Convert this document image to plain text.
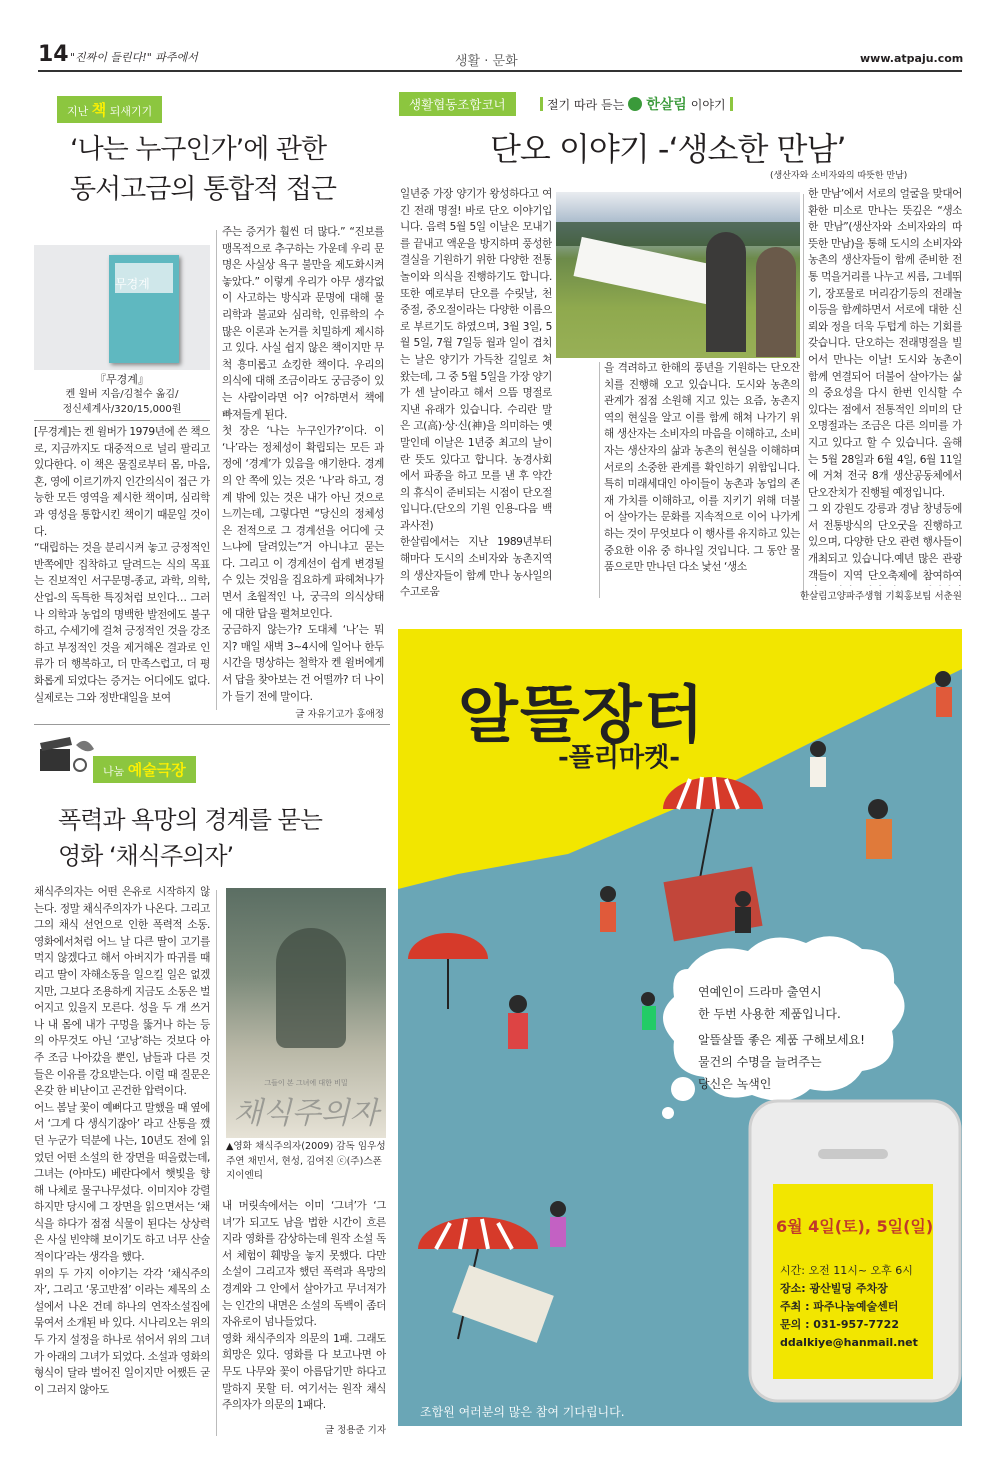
14 "진짜이 들린다!" 파주에서	생활 · 문화	www.atpaju.com
지난 책 되새기기
‘나는 누구인가’에 관한
동서고금의 통합적 접근
무경계
『무경계』
켄 윌버 지음/김철수 옮김/
정신세계사/320/15,000원
[무경계]는 켄 윌버가 1979년에 쓴 책으로, 지금까지도 대중적으로 널리 팔리고 있다한다. 이 책은 물질로부터 몸, 마음, 혼, 영에 이르기까지 인간의식이 접근 가능한 모든 영역을 제시한 책이며, 심리학과 영성을 통합시킨 책이기 때문일 것이다.
“대립하는 것을 분리시켜 놓고 긍정적인 반쪽에만 집착하고 달려드는 식의 목표는 진보적인 서구문명-종교, 과학, 의학, 산업-의 독특한 특징처럼 보인다… 그러나 의학과 농업의 명백한 발전에도 불구하고, 수세기에 걸쳐 긍정적인 것을 강조하고 부정적인 것을 제거해온 결과로 인류가 더 행복하고, 더 만족스럽고, 더 평화롭게 되었다는 증거는 어디에도 없다. 실제로는 그와 정반대일을 보여
주는 증거가 훨씬 더 많다.” “진보를 맹목적으로 추구하는 가운데 우리 문명은 사실상 욕구 불만을 제도화시켜놓았다.” 이렇게 우리가 아무 생각없이 사고하는 방식과 문명에 대해 물리학과 불교와 심리학, 인류학의 수많은 이론과 논거를 치밀하게 제시하고 있다. 사실 쉽지 않은 책이지만 무척 흥미롭고 쇼킹한 책이다. 우리의 의식에 대해 조금이라도 궁금증이 있는 사람이라면 어? 어?하면서 책에 빠져들게 된다.
첫 장은 ‘나는 누구인가?’이다. 이 ‘나’라는 정체성이 확립되는 모든 과정에 ‘경계’가 있음을 얘기한다. 경계의 안 쪽에 있는 것은 ‘나’라 하고, 경계 밖에 있는 것은 내가 아닌 것으로 느끼는데, 그렇다면 “당신의 정체성은 전적으로 그 경계선을 어디에 긋느냐에 달려있는”거 아니냐고 묻는다. 그리고 이 경계선이 쉽게 변경될 수 있는 것임을 집요하게 파헤쳐나가면서 초월적인 나, 궁극의 의식상태에 대한 답을 펼쳐보인다.
궁금하지 않는가? 도대체 ‘나’는 뭐지? 매일 새벽 3~4시에 일어나 한두 시간을 명상하는 철학자 켄 윌버에게서 답을 찾아보는 건 어떨까? 더 나이가 들기 전에 말이다.
글 자유기고가 홍애정
나눔 예술극장
폭력과 욕망의 경계를 묻는
영화 ‘채식주의자’
채식주의자는 어떤 은유로 시작하지 않는다. 정말 채식주의자가 나온다. 그리고 그의 채식 선언으로 인한 폭력적 소동. 영화에서처럼 어느 날 다큰 딸이 고기를 먹지 않겠다고 해서 아버지가 따귀를 때리고 딸이 자해소동을 일으킬 일은 없겠지만, 그보다 조용하게 지금도 소동은 벌어지고 있을지 모른다. 성을 두 개 쓰거나 내 몸에 내가 구멍을 뚫거나 하는 등의 아무것도 아닌 ‘고낭’하는 것보다 아주 조금 나아갔을 뿐인, 남들과 다른 것들은 이유를 강요받는다. 이럴 때 질문은 온갖 한 비난이고 곤건한 압력이다.
어느 봄날 꽃이 예뻐다고 말했을 때 옆에서 ‘그게 다 생식기잖아’ 라고 산통을 깼던 누군가 덕분에 나는, 10년도 전에 읽었던 어떤 소설의 한 장면을 떠올렸는데, 그녀는 (아마도) 베란다에서 햇빛을 향해 나체로 물구나무섰다. 이미지야 강렬하지만 당시에 그 장면을 읽으면서는 ‘채식을 하다가 점점 식물이 된다는 상상력은 사실 빈약해 보이기도 하고 너무 산술적이다’라는 생각을 했다.
위의 두 가지 이야기는 각각 ‘채식주의자’, 그리고 ‘몽고반점’ 이라는 제목의 소설에서 나온 건데 하나의 연작소설집에 묶여서 소개된 바 있다. 시나리오는 위의 두 가지 설정을 하나로 섞어서 위의 그녀가 아래의 그녀가 되었다. 소설과 영화의 형식이 달라 벌어진 일이지만 어쨌든 굳이 그러지 않아도
그들이 본 그녀에 대한 비밀
채식주의자
▲영화 채식주의자(2009) 감독 임우성 주연 채민서, 현성, 김여진 ⓒ(주)스폰지이엔티
내 머릿속에서는 이미 ‘그녀’가 ‘그녀’가 되고도 남을 법한 시간이 흐른지라 영화를 감상하는데 원작 소설 독서 체험이 훼방을 놓지 못했다. 다만 소설이 그리고자 했던 폭력과 욕망의 경계와 그 안에서 살아가고 무너져가는 인간의 내면은 소설의 독백이 좀더 자유로이 넘나들었다.
영화 채식주의자 의문의 1패. 그래도 희망은 있다. 영화를 다 보고나면 아무도 나무와 꽃이 아름답기만 하다고 말하지 못할 터. 여기서는 원작 채식주의자가 의문의 1패다.
글 정용준 기자
생활협동조합코너	절기 따라 듣는 한살림 이야기
단오 이야기 -‘생소한 만남’
(생산자와 소비자와의 따뜻한 만남)
일년중 가장 양기가 왕성하다고 여긴 전래 명절! 바로 단오 이야기입니다. 음력 5월 5일 이날은 모내기를 끝내고 액운을 방지하며 풍성한 결실을 기원하기 위한 다양한 전통놀이와 의식을 진행하기도 합니다. 또한 예로부터 단오를 수릿날, 천중절, 중오절이라는 다양한 이름으로 부르기도 하였으며, 3월 3일, 5월 5일, 7월 7일등 월과 일이 겹치는 날은 양기가 가득찬 길일로 쳐왔는데, 그 중 5월 5일을 가장 양기가 센 날이라고 해서 으뜸 명절로 지낸 유래가 있습니다. 수리란 말은 고(高)·상·신(神)을 의미하는 옛말인데 이날은 1년중 최고의 날이란 뜻도 있다고 합니다. 농경사회에서 파종을 하고 모를 낸 후 약간의 휴식이 준비되는 시점이 단오절입니다.(단오의 기원 인용-다음 백과사전)
한살림에서는 지난 1989년부터 해마다 도시의 소비자와 농촌지역의 생산자들이 함께 만나 농사일의 수고로움
을 격려하고 한해의 풍년을 기원하는 단오잔치를 진행해 오고 있습니다. 도시와 농촌의 관계가 점점 소원해 지고 있는 요즘, 농촌지역의 현실을 알고 이를 함께 해쳐 나가기 위해 생산자는 소비자의 마음을 이해하고, 소비자는 생산자의 삶과 농촌의 현실을 이해하며 서로의 소중한 관계를 확인하기 위함입니다. 특히 미래세대인 아이들이 농촌과 농업의 존재 가치를 이해하고, 이를 지키기 위해 더불어 살아가는 문화를 지속적으로 이어 나가게 하는 것이 무엇보다 이 행사를 유지하고 있는 중요한 이유 중 하나일 것입니다. 그 동안 물품으로만 만나던 다소 낯선 ‘생소
한 만남’에서 서로의 얼굴을 맞대어 환한 미소로 만나는 뜻깊은 “생소한 만남”(생산자와 소비자와의 따뜻한 만남)을 통해 도시의 소비자와 농촌의 생산자들이 함께 준비한 전통 먹을거리를 나누고 씨름, 그네뛰기, 장포물로 머리감기등의 전래놀이등을 함께하면서 서로에 대한 신뢰와 정을 더욱 두텁게 하는 기회를 갖습니다. 단오하는 전래명절을 빌어서 만나는 이날! 도시와 농촌이 함께 연결되어 더불어 살아가는 삶의 중요성을 다시 한번 인식할 수 있다는 점에서 전통적인 의미의 단오명절과는 조금은 다른 의미를 가지고 있다고 할 수 있습니다. 올해는 5월 28일과 6월 4일, 6월 11일에 거쳐 전국 8개 생산공동체에서 단오잔치가 진행될 예정입니다.
그 외 강원도 강릉과 경남 창녕등에서 전통방식의 단오굿을 진행하고 있으며, 다양한 단오 관련 행사들이 개최되고 있습니다.예년 많은 관광객들이 지역 단오축제에 참여하여
한살림고양파주생협 기획홍보팀 서춘원
알뜰장터
-플리마켓-
연예인이 드라마 출연시
한 두번 사용한 제품입니다.
알뜰살뜰 좋은 제품 구해보세요!
물건의 수명을 늘려주는
당신은 녹색인
6월 4일(토), 5일(일)
시간: 오전 11시~ 오후 6시
장소: 광산빌딩 주차장
주최 : 파주나눔예술센터
문의 : 031-957-7722
ddalkiye@hanmail.net
조합원 여러분의 많은 참여 기다립니다.
